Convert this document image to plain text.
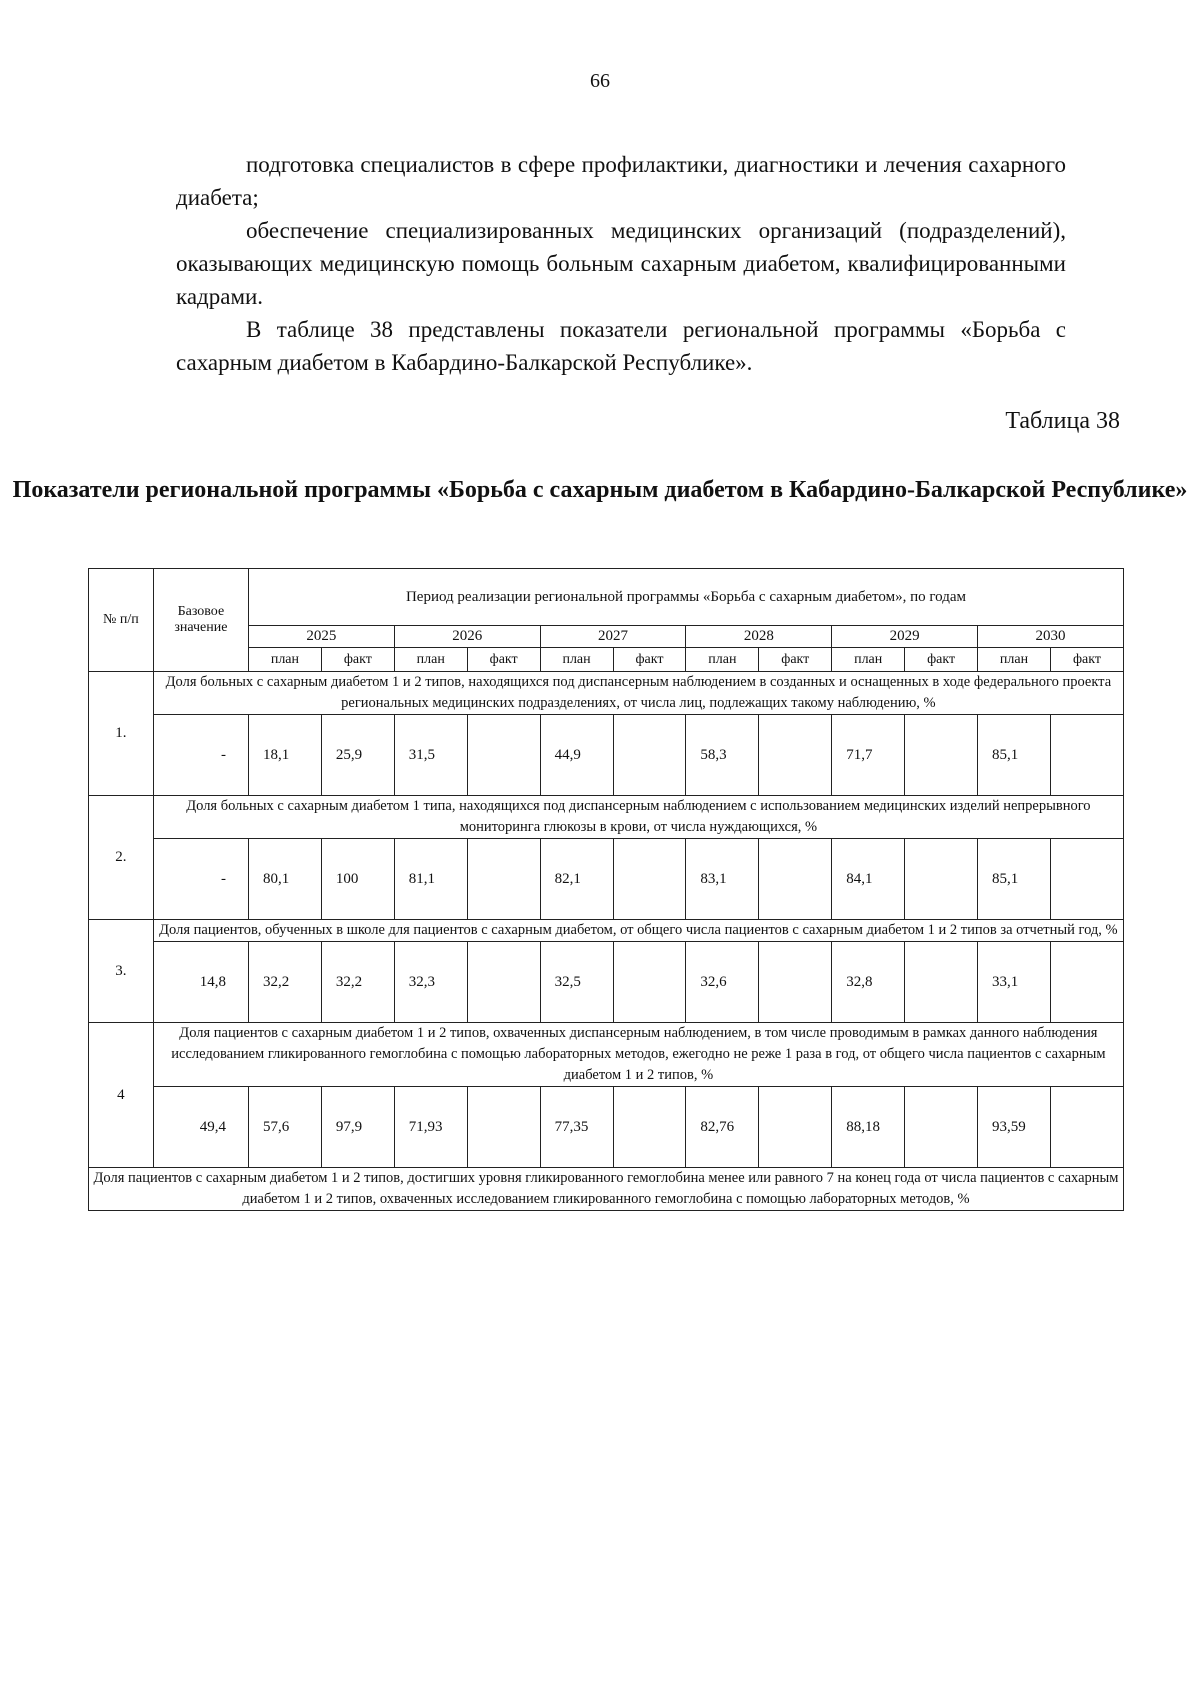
66

подготовка специалистов в сфере профилактики, диагностики и лечения сахарного диабета;

обеспечение специализированных медицинских организаций (подразделений), оказывающих медицинскую помощь больным сахарным диабетом, квалифицированными кадрами.

В таблице 38 представлены показатели региональной программы «Борьба с сахарным диабетом в Кабардино-Балкарской Республике».

Таблица 38
Показатели региональной программы «Борьба с сахарным диабетом в Кабардино-Балкарской Республике»
№ п/п	Базовое значение	Период реализации региональной программы «Борьба с сахарным диабетом», по годам											
		2025		2026		2027		2028		2029		2030	
		план	факт	план	факт	план	факт	план	факт	план	факт	план	факт
1.	Доля больных с сахарным диабетом 1 и 2 типов, находящихся под диспансерным наблюдением в созданных и оснащенных в ходе федерального проекта региональных медицинских подразделениях, от числа лиц, подлежащих такому наблюдению, %												
	-	18,1	25,9	31,5		44,9		58,3		71,7		85,1	
2.	Доля больных с сахарным диабетом 1 типа, находящихся под диспансерным наблюдением с использованием медицинских изделий непрерывного мониторинга глюкозы в крови, от числа нуждающихся, %												
	-	80,1	100	81,1		82,1		83,1		84,1		85,1	
3.	Доля пациентов, обученных в школе для пациентов с сахарным диабетом, от общего числа пациентов с сахарным диабетом 1 и 2 типов за отчетный год, %												
	14,8	32,2	32,2	32,3		32,5		32,6		32,8		33,1	
4	Доля пациентов с сахарным диабетом 1 и 2 типов, охваченных диспансерным наблюдением, в том числе проводимым в рамках данного наблюдения исследованием гликированного гемоглобина с помощью лабораторных методов, ежегодно не реже 1 раза в год, от общего числа пациентов с сахарным диабетом 1 и 2 типов, %												
	49,4	57,6	97,9	71,93		77,35		82,76		88,18		93,59	
Доля пациентов с сахарным диабетом 1 и 2 типов, достигших уровня гликированного гемоглобина менее или равного 7 на конец года от числа пациентов с сахарным диабетом 1 и 2 типов, охваченных исследованием гликированного гемоглобина с помощью лабораторных методов, %													
